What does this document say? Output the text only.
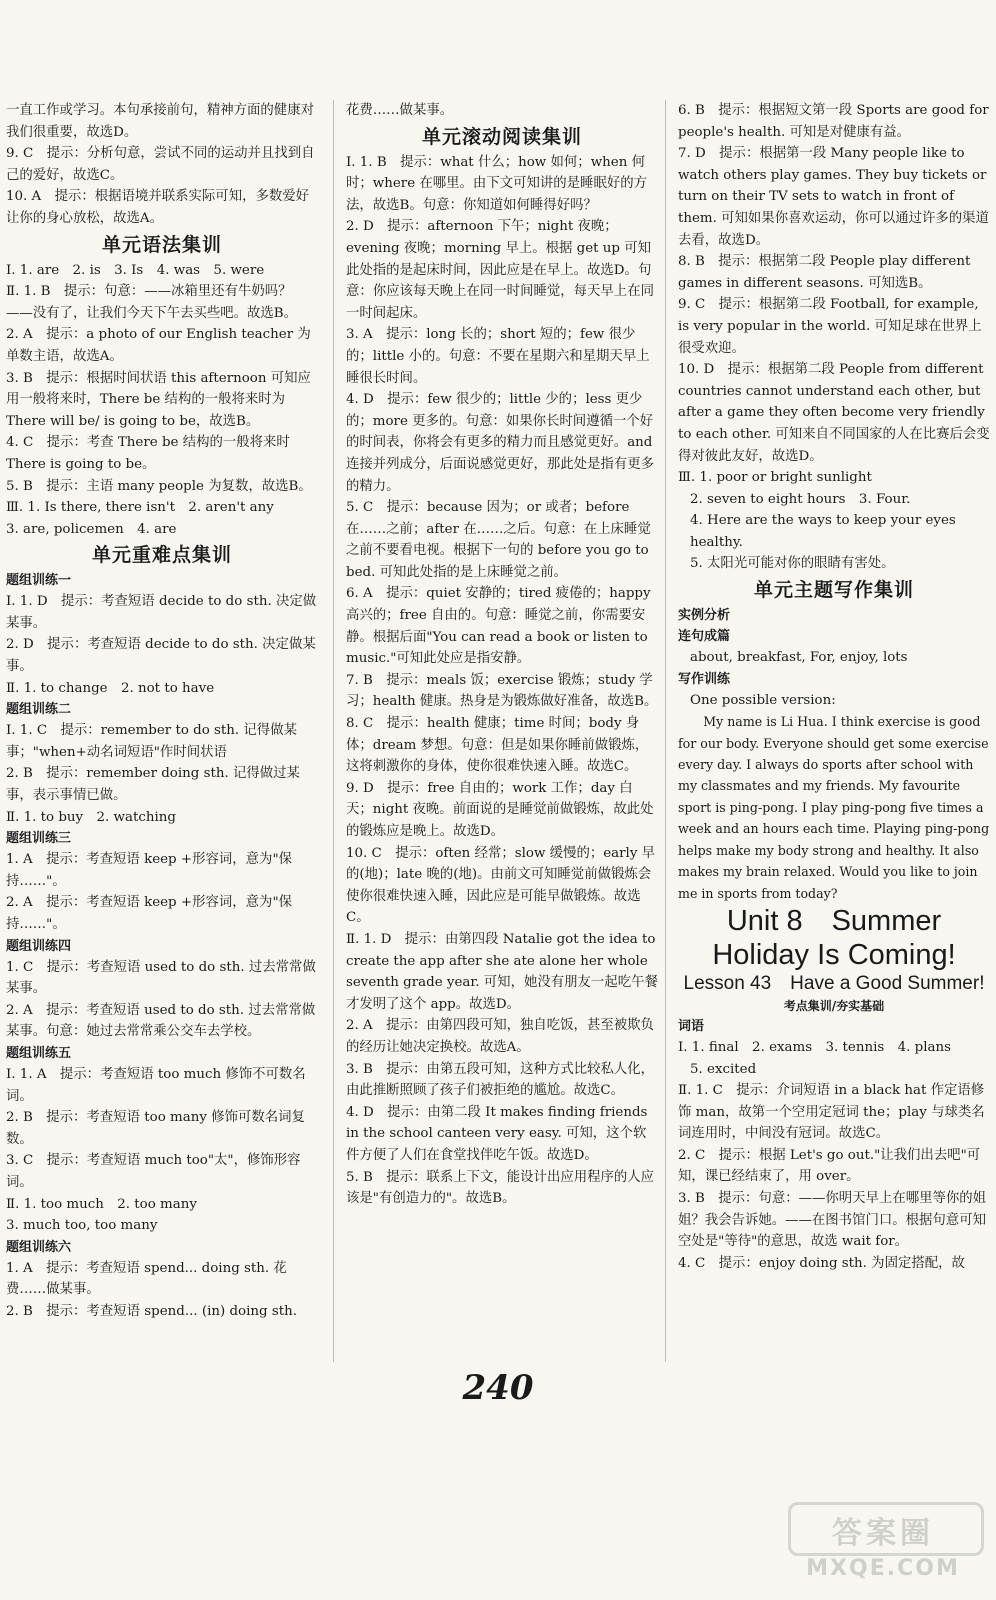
一直工作或学习。本句承接前句，精神方面的健康对我们很重要，故选D。

9. C　提示：分析句意，尝试不同的运动并且找到自己的爱好，故选C。

10. A　提示：根据语境并联系实际可知，多数爱好让你的身心放松，故选A。

单元语法集训

Ⅰ. 1. are　2. is　3. Is　4. was　5. were

Ⅱ. 1. B　提示：句意：——冰箱里还有牛奶吗？——没有了，让我们今天下午去买些吧。故选B。

2. A　提示：a photo of our English teacher 为单数主语，故选A。

3. B　提示：根据时间状语 this afternoon 可知应用一般将来时，There be 结构的一般将来时为 There will be/ is going to be，故选B。

4. C　提示：考查 There be 结构的一般将来时 There is going to be。

5. B　提示：主语 many people 为复数，故选B。

Ⅲ. 1. Is there, there isn't　2. aren't any

3. are, policemen　4. are

单元重难点集训

题组训练一

Ⅰ. 1. D　提示：考查短语 decide to do sth. 决定做某事。

2. D　提示：考查短语 decide to do sth. 决定做某事。

Ⅱ. 1. to change　2. not to have

题组训练二

Ⅰ. 1. C　提示：remember to do sth. 记得做某事；"when+动名词短语"作时间状语

2. B　提示：remember doing sth. 记得做过某事，表示事情已做。

Ⅱ. 1. to buy　2. watching

题组训练三

1. A　提示：考查短语 keep +形容词，意为"保持……"。

2. A　提示：考查短语 keep +形容词，意为"保持……"。

题组训练四

1. C　提示：考查短语 used to do sth. 过去常常做某事。

2. A　提示：考查短语 used to do sth. 过去常常做某事。句意：她过去常常乘公交车去学校。

题组训练五

Ⅰ. 1. A　提示：考查短语 too much 修饰不可数名词。

2. B　提示：考查短语 too many 修饰可数名词复数。

3. C　提示：考查短语 much too"太"，修饰形容词。

Ⅱ. 1. too much　2. too many

3. much too, too many

题组训练六

1. A　提示：考查短语 spend... doing sth. 花费……做某事。

2. B　提示：考查短语 spend... (in) doing sth.

花费……做某事。

单元滚动阅读集训

Ⅰ. 1. B　提示：what 什么；how 如何；when 何时；where 在哪里。由下文可知讲的是睡眠好的方法，故选B。句意：你知道如何睡得好吗？

2. D　提示：afternoon 下午；night 夜晚；evening 夜晚；morning 早上。根据 get up 可知此处指的是起床时间，因此应是在早上。故选D。句意：你应该每天晚上在同一时间睡觉，每天早上在同一时间起床。

3. A　提示：long 长的；short 短的；few 很少的；little 小的。句意：不要在星期六和星期天早上睡很长时间。

4. D　提示：few 很少的；little 少的；less 更少的；more 更多的。句意：如果你长时间遵循一个好的时间表，你将会有更多的精力而且感觉更好。and 连接并列成分，后面说感觉更好，那此处是指有更多的精力。

5. C　提示：because 因为；or 或者；before 在……之前；after 在……之后。句意：在上床睡觉之前不要看电视。根据下一句的 before you go to bed. 可知此处指的是上床睡觉之前。

6. A　提示：quiet 安静的；tired 疲倦的；happy 高兴的；free 自由的。句意：睡觉之前，你需要安静。根据后面"You can read a book or listen to music."可知此处应是指安静。

7. B　提示：meals 饭；exercise 锻炼；study 学习；health 健康。热身是为锻炼做好准备，故选B。

8. C　提示：health 健康；time 时间；body 身体；dream 梦想。句意：但是如果你睡前做锻炼，这将刺激你的身体，使你很难快速入睡。故选C。

9. D　提示：free 自由的；work 工作；day 白天；night 夜晚。前面说的是睡觉前做锻炼，故此处的锻炼应是晚上。故选D。

10. C　提示：often 经常；slow 缓慢的；early 早的(地)；late 晚的(地)。由前文可知睡觉前做锻炼会使你很难快速入睡，因此应是可能早做锻炼。故选C。

Ⅱ. 1. D　提示：由第四段 Natalie got the idea to create the app after she ate alone her whole seventh grade year. 可知，她没有朋友一起吃午餐才发明了这个 app。故选D。

2. A　提示：由第四段可知，独自吃饭，甚至被欺负的经历让她决定换校。故选A。

3. B　提示：由第五段可知，这种方式比较私人化，由此推断照顾了孩子们被拒绝的尴尬。故选C。

4. D　提示：由第二段 It makes finding friends in the school canteen very easy. 可知，这个软件方便了人们在食堂找伴吃午饭。故选D。

5. B　提示：联系上下文，能设计出应用程序的人应该是"有创造力的"。故选B。

6. B　提示：根据短文第一段 Sports are good for people's health. 可知是对健康有益。

7. D　提示：根据第一段 Many people like to watch others play games. They buy tickets or turn on their TV sets to watch in front of them. 可知如果你喜欢运动，你可以通过许多的渠道去看，故选D。

8. B　提示：根据第二段 People play different games in different seasons. 可知选B。

9. C　提示：根据第二段 Football, for example, is very popular in the world. 可知足球在世界上很受欢迎。

10. D　提示：根据第二段 People from different countries cannot understand each other, but after a game they often become very friendly to each other. 可知来自不同国家的人在比赛后会变得对彼此友好，故选D。

Ⅲ. 1. poor or bright sunlight

2. seven to eight hours　3. Four.

4. Here are the ways to keep your eyes healthy.

5. 太阳光可能对你的眼睛有害处。

单元主题写作集训

实例分析

连句成篇

about, breakfast, For, enjoy, lots

写作训练

One possible version:

My name is Li Hua. I think exercise is good for our body. Everyone should get some exercise every day. I always do sports after school with my classmates and my friends. My favourite sport is ping-pong. I play ping-pong five times a week and an hours each time. Playing ping-pong helps make my body strong and healthy. It also makes my brain relaxed. Would you like to join me in sports from today?

Unit 8　Summer Holiday Is Coming!

Lesson 43　Have a Good Summer!

考点集训/夯实基础

词语

Ⅰ. 1. final　2. exams　3. tennis　4. plans

5. excited

Ⅱ. 1. C　提示：介词短语 in a black hat 作定语修饰 man，故第一个空用定冠词 the；play 与球类名词连用时，中间没有冠词。故选C。

2. C　提示：根据 Let's go out."让我们出去吧"可知，课已经结束了，用 over。

3. B　提示：句意：——你明天早上在哪里等你的姐姐？我会告诉她。——在图书馆门口。根据句意可知空处是"等待"的意思，故选 wait for。

4. C　提示：enjoy doing sth. 为固定搭配，故

240
答案圈
MXQE.COM
